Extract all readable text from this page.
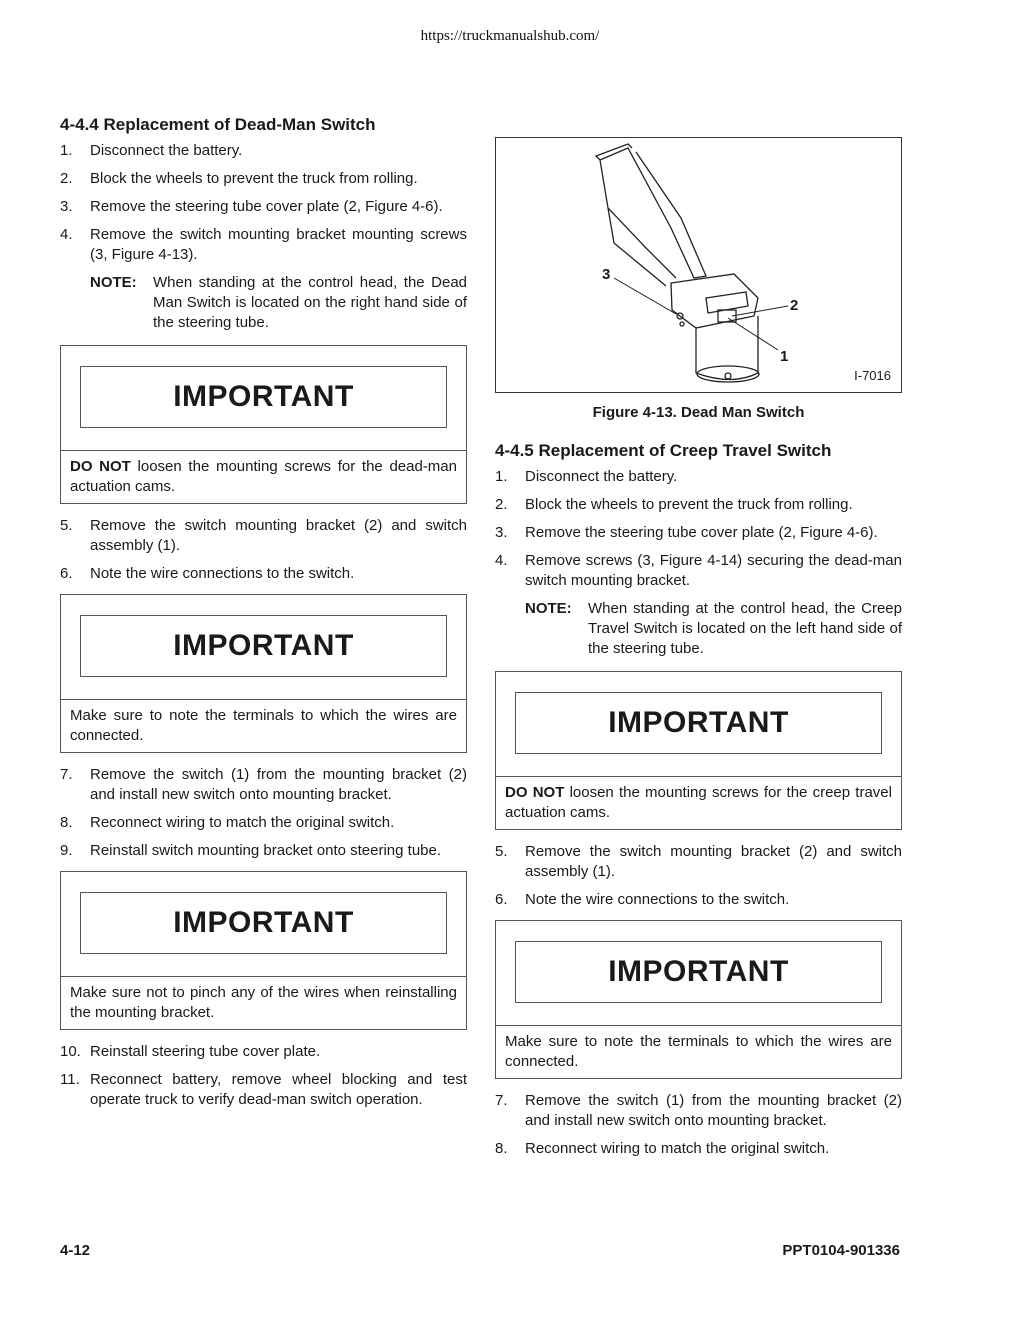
https://truckmanualshub.com/
4-4.4 Replacement of Dead-Man Switch
1. Disconnect the battery.
2. Block the wheels to prevent the truck from rolling.
3. Remove the steering tube cover plate (2, Figure 4-6).
4. Remove the switch mounting bracket mounting screws (3, Figure 4-13).
NOTE:	When standing at the control head, the Dead Man Switch is located on the right hand side of the steering tube.
IMPORTANT
DO NOT loosen the mounting screws for the dead-man actuation cams.
5. Remove the switch mounting bracket (2) and switch assembly (1).
6. Note the wire connections to the switch.
IMPORTANT
Make sure to note the terminals to which the wires are connected.
7. Remove the switch (1) from the mounting bracket (2) and install new switch onto mounting bracket.
8. Reconnect wiring to match the original switch.
9. Reinstall switch mounting bracket onto steering tube.
IMPORTANT
Make sure not to pinch any of the wires when reinstalling the mounting bracket.
10. Reinstall steering tube cover plate.
11. Reconnect battery, remove wheel blocking and test operate truck to verify dead-man switch operation.
3
2
1
I-7016
Figure 4-13. Dead Man Switch
4-4.5 Replacement of Creep Travel Switch
1. Disconnect the battery.
2. Block the wheels to prevent the truck from rolling.
3. Remove the steering tube cover plate (2, Figure 4-6).
4. Remove screws (3, Figure 4-14) securing the dead-man switch mounting bracket.
NOTE:	When standing at the control head, the Creep Travel Switch is located on the left hand side of the steering tube.
IMPORTANT
DO NOT loosen the mounting screws for the creep travel actuation cams.
5. Remove the switch mounting bracket (2) and switch assembly (1).
6. Note the wire connections to the switch.
IMPORTANT
Make sure to note the terminals to which the wires are connected.
7. Remove the switch (1) from the mounting bracket (2) and install new switch onto mounting bracket.
8. Reconnect wiring to match the original switch.
4-12	PPT0104-901336
